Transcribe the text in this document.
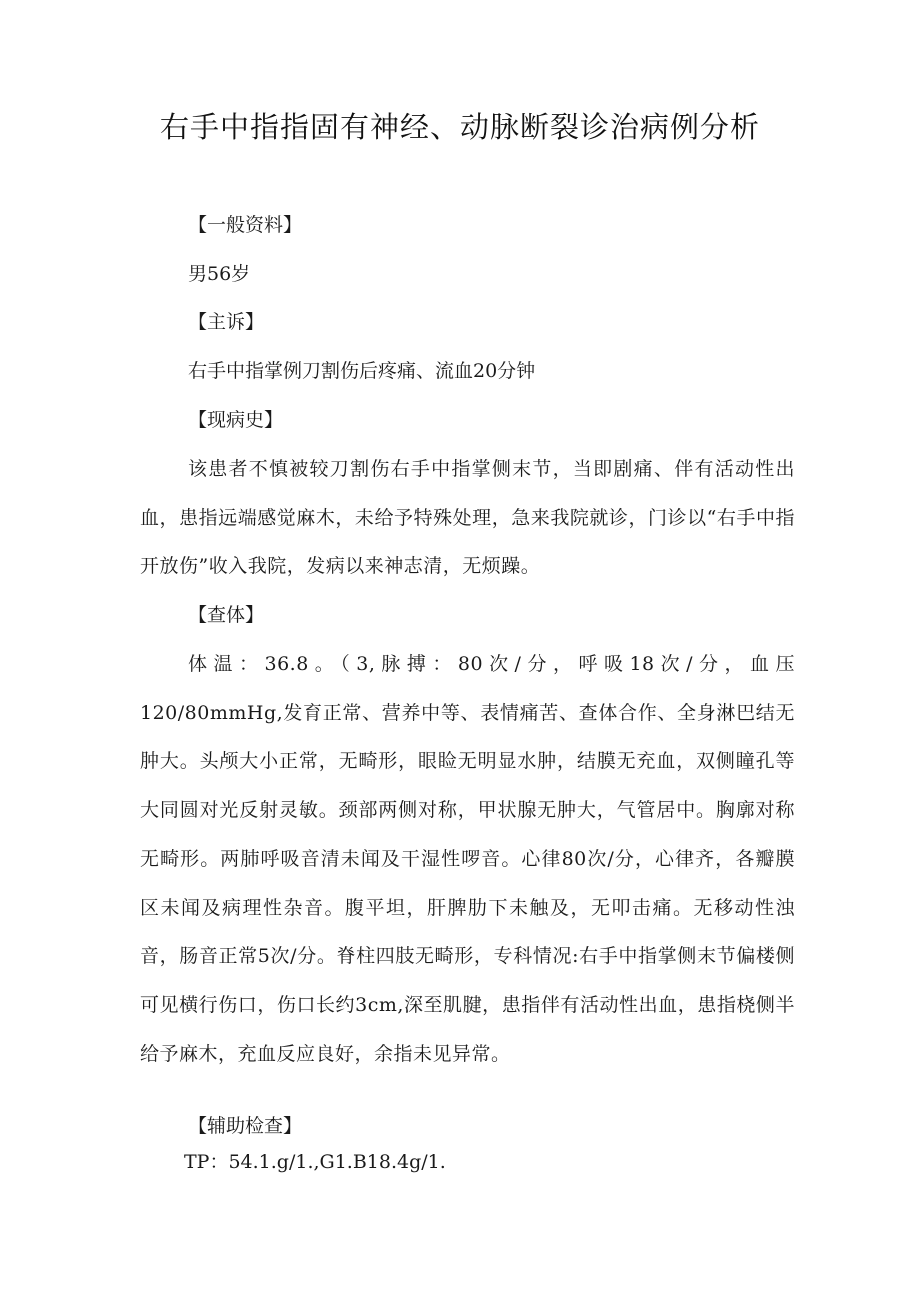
右手中指指固有神经、动脉断裂诊治病例分析
【一般资料】
男56岁
【主诉】
右手中指掌例刀割伤后疼痛、流血20分钟
【现病史】
该患者不慎被较刀割伤右手中指掌侧末节，当即剧痛、伴有活动性出血，患指远端感觉麻木，未给予特殊处理，急来我院就诊，门诊以“右手中指开放伤”收入我院，发病以来神志清，无烦躁。
【查体】
体温：36.8。（3,脉搏：80次/分，呼吸18次/分，血压120/80mmHg,发育正常、营养中等、表情痛苦、查体合作、全身淋巴结无肿大。头颅大小正常，无畸形，眼睑无明显水肿，结膜无充血，双侧瞳孔等大同圆对光反射灵敏。颈部两侧对称，甲状腺无肿大，气管居中。胸廓对称无畸形。两肺呼吸音清未闻及干湿性啰音。心律80次/分，心律齐，各瓣膜区未闻及病理性杂音。腹平坦，肝脾肋下未触及，无叩击痛。无移动性浊音，肠音正常5次/分。脊柱四肢无畸形，专科情况:右手中指掌侧末节偏楼侧可见横行伤口，伤口长约3cm,深至肌腱，患指伴有活动性出血，患指桡侧半给予麻木，充血反应良好，余指未见异常。
【辅助检查】
TP：54.1.g/1.,G1.B18.4g/1.
